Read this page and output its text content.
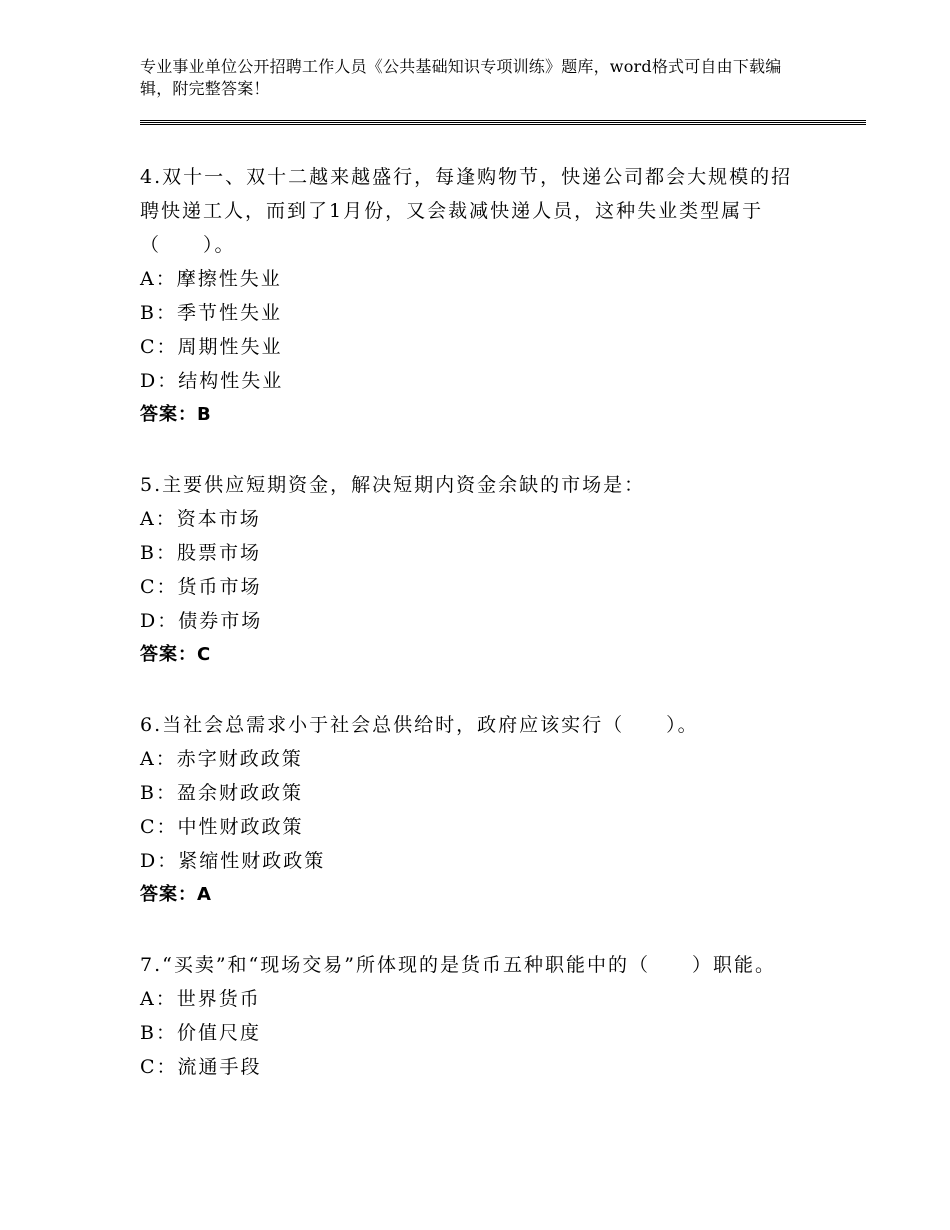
专业事业单位公开招聘工作人员《公共基础知识专项训练》题库，word格式可自由下载编辑，附完整答案！
4.双十一、双十二越来越盛行，每逢购物节，快递公司都会大规模的招聘快递工人，而到了1月份，又会裁减快递人员，这种失业类型属于（　　）。
A：摩擦性失业
B：季节性失业
C：周期性失业
D：结构性失业
答案：B
5.主要供应短期资金，解决短期内资金余缺的市场是：
A：资本市场
B：股票市场
C：货币市场
D：债券市场
答案：C
6.当社会总需求小于社会总供给时，政府应该实行（　　）。
A：赤字财政政策
B：盈余财政政策
C：中性财政政策
D：紧缩性财政政策
答案：A
7.“买卖”和“现场交易”所体现的是货币五种职能中的（　　）职能。
A：世界货币
B：价值尺度
C：流通手段
